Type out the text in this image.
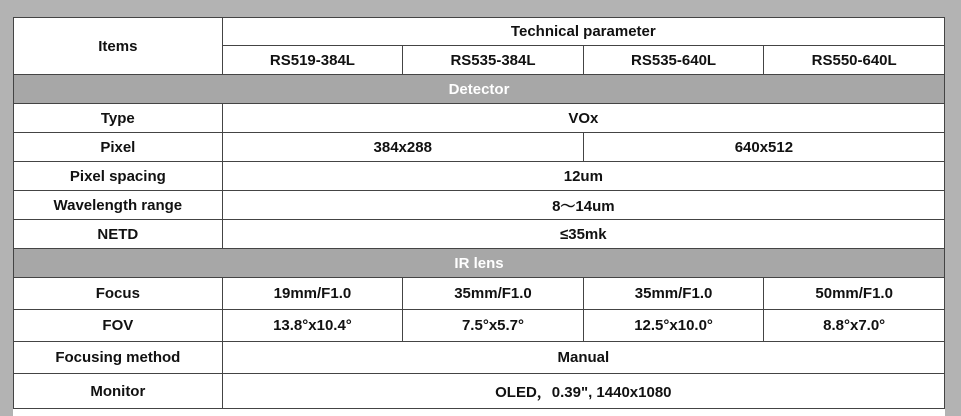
Items	Technical parameter			
	RS519-384L	RS535-384L	RS535-640L	RS550-640L
Detector				
Type	VOx			
Pixel	384x288		640x512	
Pixel spacing	12um			
Wavelength range	8～14um			
NETD	≤35mk			
IR lens				
Focus	19mm/F1.0	35mm/F1.0	35mm/F1.0	50mm/F1.0
FOV	13.8°x10.4°	7.5°x5.7°	12.5°x10.0°	8.8°x7.0°
Focusing method	Manual			
Monitor	OLED，0.39", 1440x1080			
